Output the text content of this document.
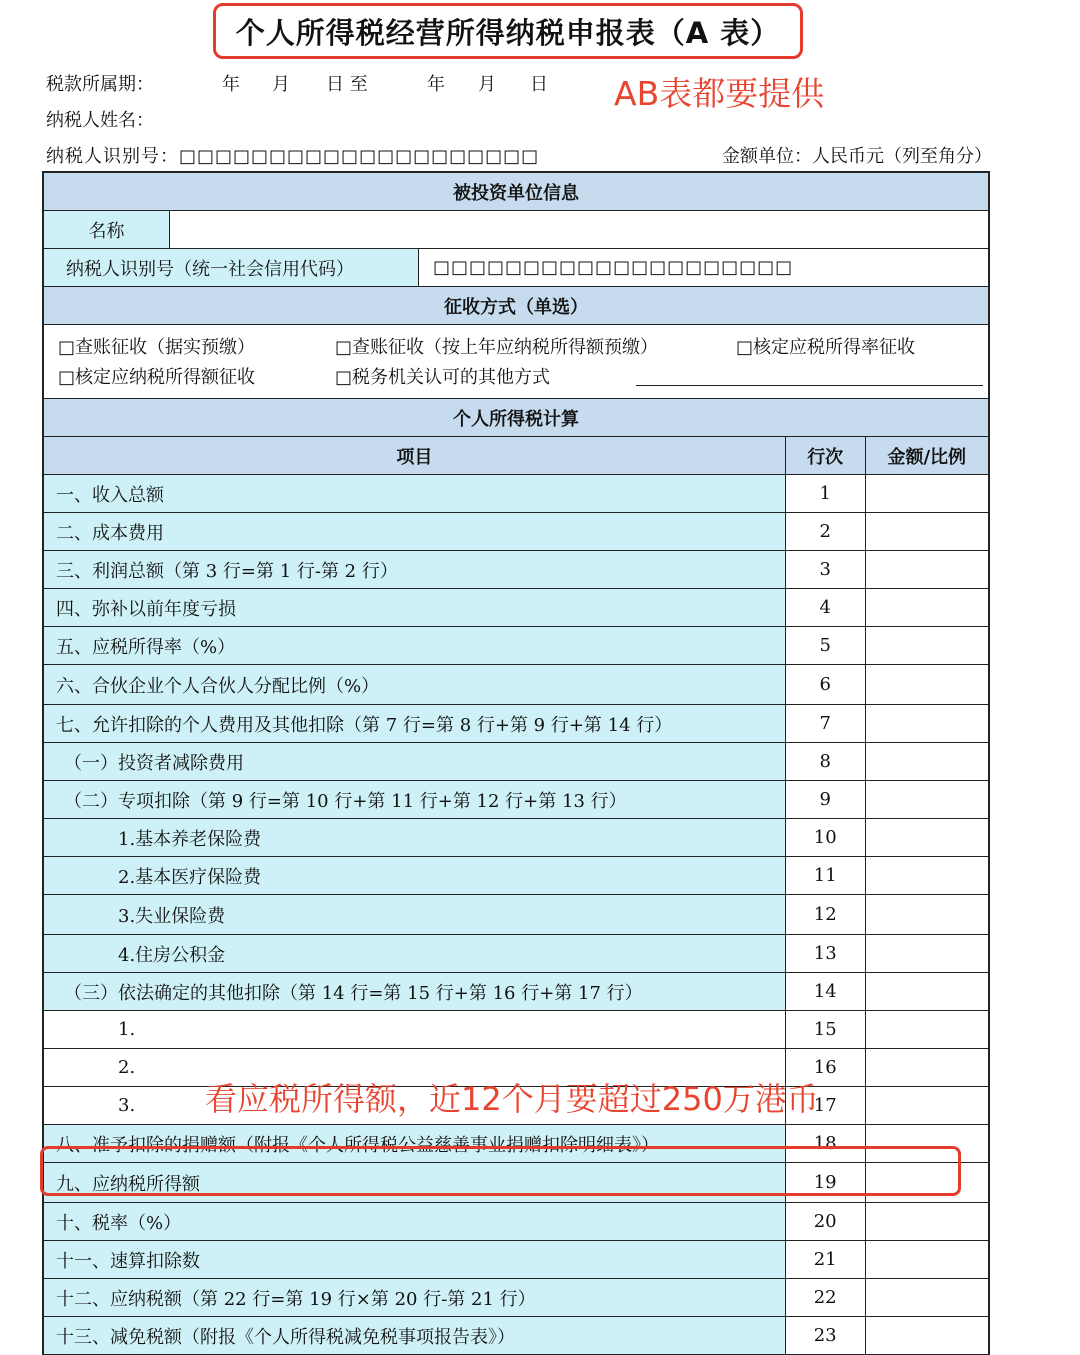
个人所得税经营所得纳税申报表（A 表）
AB表都要提供
看应税所得额，近12个月要超过250万港币
税款所属期：	年 月 日 至	年 月 日
纳税人姓名：
纳税人识别号：□□□□□□□□□□□□□□□□□□□□	金额单位：人民币元（列至角分）
被投资单位信息
名称
纳税人识别号（统一社会信用代码）	□□□□□□□□□□□□□□□□□□□□
征收方式（单选）
□查账征收（据实预缴）	□查账征收（按上年应纳税所得额预缴）	□核定应税所得率征收
□核定应纳税所得额征收	□税务机关认可的其他方式
个人所得税计算
项目	行次	金额/比例
一、收入总额	1
二、成本费用	2
三、利润总额（第 3 行=第 1 行-第 2 行）	3
四、弥补以前年度亏损	4
五、应税所得率（%）	5
六、合伙企业个人合伙人分配比例（%）	6
七、允许扣除的个人费用及其他扣除（第 7 行=第 8 行+第 9 行+第 14 行）	7
（一）投资者减除费用	8
（二）专项扣除（第 9 行=第 10 行+第 11 行+第 12 行+第 13 行）	9
1.基本养老保险费	10
2.基本医疗保险费	11
3.失业保险费	12
4.住房公积金	13
（三）依法确定的其他扣除（第 14 行=第 15 行+第 16 行+第 17 行）	14
1.	15
2.	16
3.	17
八、准予扣除的捐赠额（附报《个人所得税公益慈善事业捐赠扣除明细表》）	18
九、应纳税所得额	19
十、税率（%）	20
十一、速算扣除数	21
十二、应纳税额（第 22 行=第 19 行×第 20 行-第 21 行）	22
十三、减免税额（附报《个人所得税减免税事项报告表》）	23
